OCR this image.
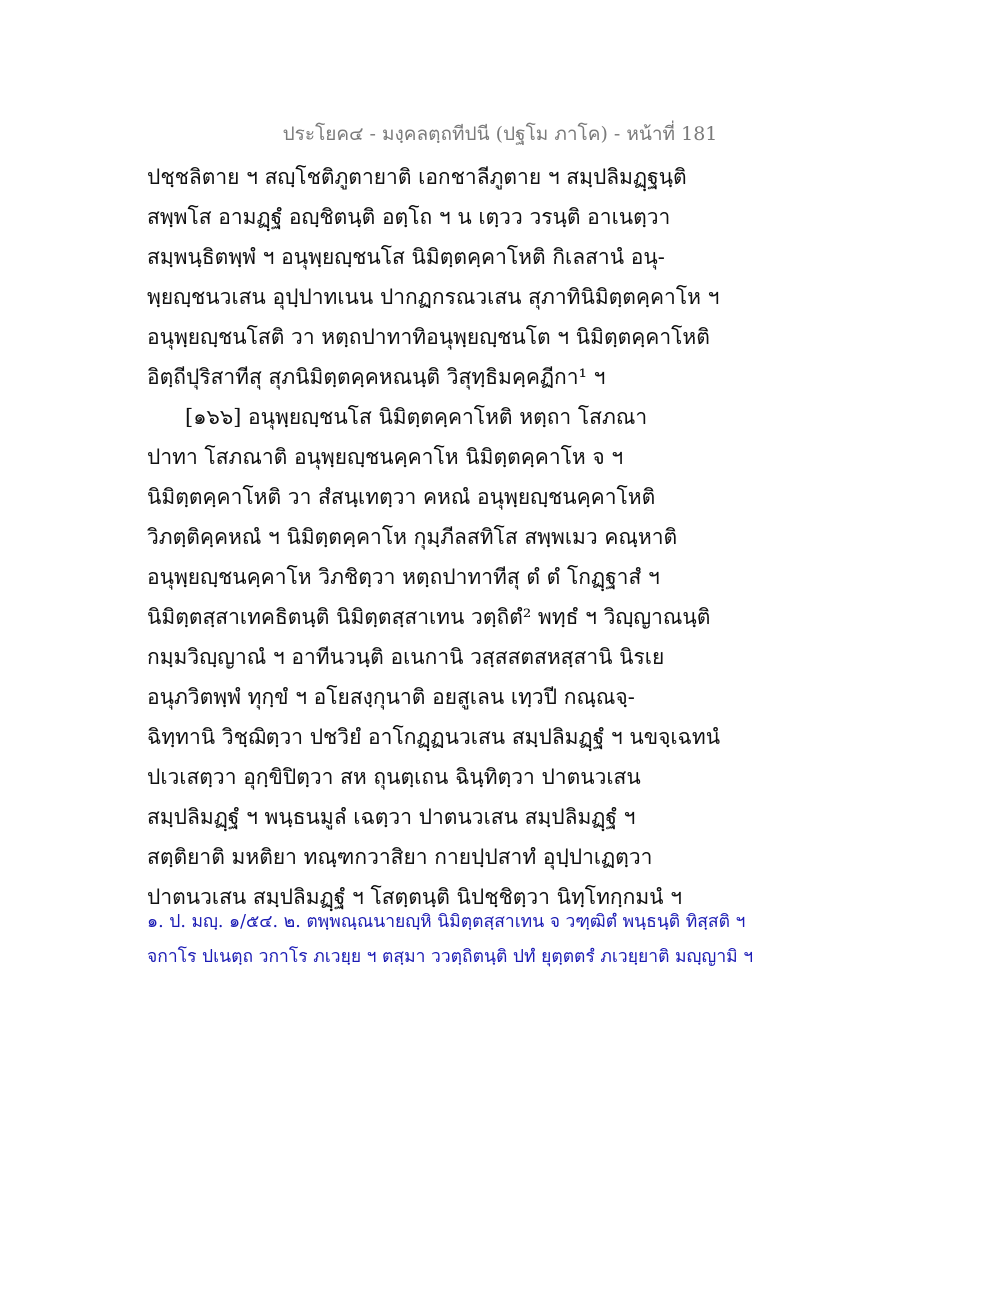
ประโยค๔ - มงฺคลตฺถทีปนี (ปฐโม ภาโค) - หน้าที่ 181
ปชฺชลิตาย ฯ สญฺโชติภูตายาติ เอกชาลีภูตาย ฯ สมฺปลิมฏฺฐนฺติ
สพฺพโส อามฏฺฐํ อญฺชิตนฺติ อตฺโถ ฯ น เตฺวว วรนฺติ อาเนตฺวา
สมฺพนฺธิตพฺพํ ฯ อนุพฺยญฺชนโส นิมิตฺตคฺคาโหติ กิเลสานํ อนุ-
พฺยญฺชนวเสน อุปฺปาทเนน ปากฏกรณวเสน สุภาทินิมิตฺตคฺคาโห ฯ
อนุพฺยญฺชนโสติ วา หตฺถปาทาทิอนุพฺยญฺชนโต ฯ นิมิตฺตคฺคาโหติ
อิตฺถีปุริสาทีสุ สุภนิมิตฺตคฺคหณนฺติ วิสุทฺธิมคฺคฏีกา¹ ฯ
[๑๖๖] อนุพฺยญฺชนโส นิมิตฺตคฺคาโหติ หตฺถา โสภณา
ปาทา โสภณาติ อนุพฺยญฺชนคฺคาโห นิมิตฺตคฺคาโห จ ฯ
นิมิตฺตคฺคาโหติ วา สํสนฺเทตฺวา คหณํ อนุพฺยญฺชนคฺคาโหติ
วิภตฺติคฺคหณํ ฯ นิมิตฺตคฺคาโห กุมฺภีลสทิโส สพฺพเมว คณฺหาติ
อนุพฺยญฺชนคฺคาโห วิภชิตฺวา หตฺถปาทาทีสุ ตํ ตํ โกฏฺฐาสํ ฯ
นิมิตฺตสฺสาเทคธิตนฺติ นิมิตฺตสฺสาเทน วตฺถิตํ² พทฺธํ ฯ วิญฺญาณนฺติ
กมฺมวิญฺญาณํ ฯ อาทีนวนฺติ อเนกานิ วสฺสสตสหสฺสานิ นิรเย
อนุภวิตพฺพํ ทุกฺขํ ฯ อโยสงฺกุนาติ อยสูเลน เทฺวปี กณฺณจฺ-
ฉิทฺทานิ วิชฺฌิตฺวา ปชวิยํ อาโกฏฺฏนวเสน สมฺปลิมฏฺฐํ ฯ นขจฺเฉทนํ
ปเวเสตฺวา อุกฺขิปิตฺวา สห ถุนตฺเถน ฉินฺทิตฺวา ปาตนวเสน
สมฺปลิมฏฺฐํ ฯ พนฺธนมูลํ เฉตฺวา ปาตนวเสน สมฺปลิมฏฺฐํ ฯ
สตฺติยาติ มหติยา ทณฺฑกวาสิยา กายปฺปสาทํ อุปฺปาเฏตฺวา
ปาตนวเสน สมฺปลิมฏฺฐํ ฯ โสตฺตนฺติ นิปชฺชิตฺวา นิทฺโทกฺกมนํ ฯ
๑. ป. มญฺ. ๑/๕๔. ๒. ตพฺพณฺณนายญฺหิ นิมิตฺตสฺสาเทน จ วฑฺฒิตํ พนฺธนฺติ ทิสฺสติ ฯ
จกาโร ปเนตฺถ วกาโร ภเวยฺย ฯ ตสฺมา ววตฺถิตนฺติ ปทํ ยุตฺตตรํ ภเวยฺยาติ มญฺญามิ ฯ
